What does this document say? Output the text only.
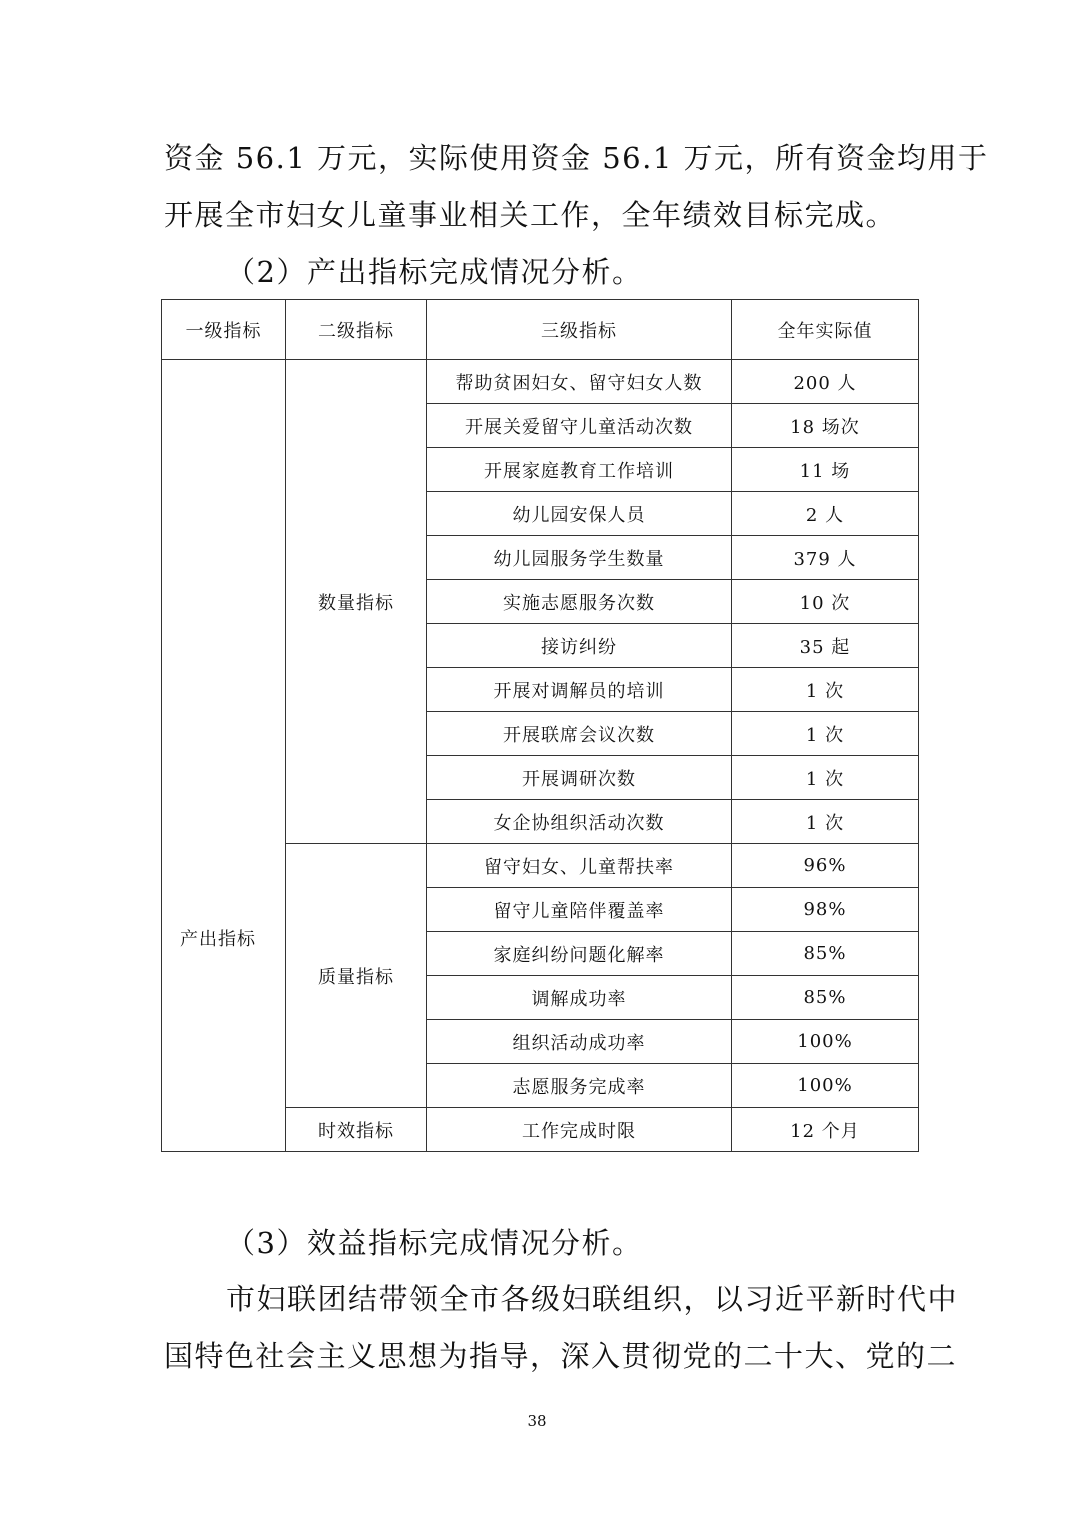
资金 56.1 万元，实际使用资金 56.1 万元，所有资金均用于

开展全市妇女儿童事业相关工作，全年绩效目标完成。

（2）产出指标完成情况分析。

一级指标	二级指标	三级指标	全年实际值
产出指标	数量指标	帮助贫困妇女、留守妇女人数	200 人
		开展关爱留守儿童活动次数	18 场次
		开展家庭教育工作培训	11 场
		幼儿园安保人员	2 人
		幼儿园服务学生数量	379 人
		实施志愿服务次数	10 次
		接访纠纷	35 起
		开展对调解员的培训	1 次
		开展联席会议次数	1 次
		开展调研次数	1 次
		女企协组织活动次数	1 次
	质量指标	留守妇女、儿童帮扶率	96%
		留守儿童陪伴覆盖率	98%
		家庭纠纷问题化解率	85%
		调解成功率	85%
		组织活动成功率	100%
		志愿服务完成率	100%
	时效指标	工作完成时限	12 个月

（3）效益指标完成情况分析。

市妇联团结带领全市各级妇联组织，以习近平新时代中

国特色社会主义思想为指导，深入贯彻党的二十大、党的二

38
